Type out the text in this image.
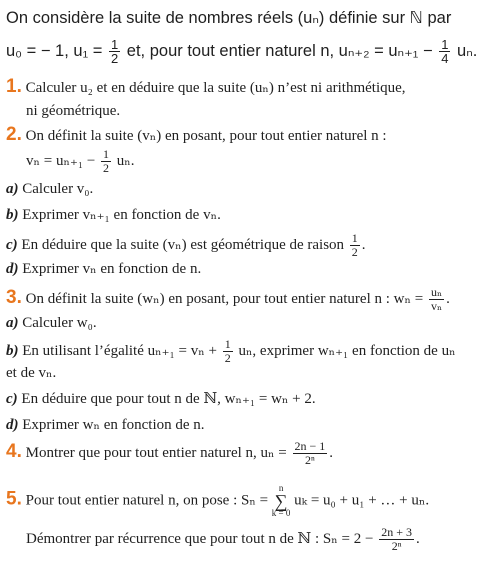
On considère la suite de nombres réels (uₙ) définie sur ℕ par
u₀ = − 1, $u_1 = \frac{1}{2}$ et, pour tout entier naturel n, $u_{n+2} = u_{n+1} - \frac{1}{4} u_n$.
1. Calculer u₂ et en déduire que la suite (uₙ) n’est ni arithmétique,
ni géométrique.
2. On définit la suite (vₙ) en posant, pour tout entier naturel n :
$v_n = u_{n+1} - \frac{1}{2} u_n$.
a) Calculer v₀.
b) Exprimer vₙ₊₁ en fonction de vₙ.
c) En déduire que la suite (vₙ) est géométrique de raison $\frac{1}{2}$ .
d) Exprimer vₙ en fonction de n.
3. On définit la suite (wₙ) en posant, pour tout entier naturel n : $w_n = \frac{\text{uₙ}}{\text{vₙ}}$ .
a) Calculer w₀.
b) En utilisant l’égalité $u_{n+1} = v_n + \frac{1}{2} u_n$, exprimer wₙ₊₁ en fonction de uₙ
et de vₙ.
c) En déduire que pour tout n de ℕ, wₙ₊₁ = wₙ + 2.
d) Exprimer wₙ en fonction de n.
4. Montrer que pour tout entier naturel n, $u_n = \frac{2n - 1}{\text{2ⁿ}}$ .
5. Pour tout entier naturel n, on pose : Sₙ = n
∑
k = 0 uₖ = u₀ + u₁ + … + uₙ.
Démontrer par récurrence que pour tout n de ℕ : $S_n = 2 - \frac{2n + 3}{\text{2ⁿ}}$ .
